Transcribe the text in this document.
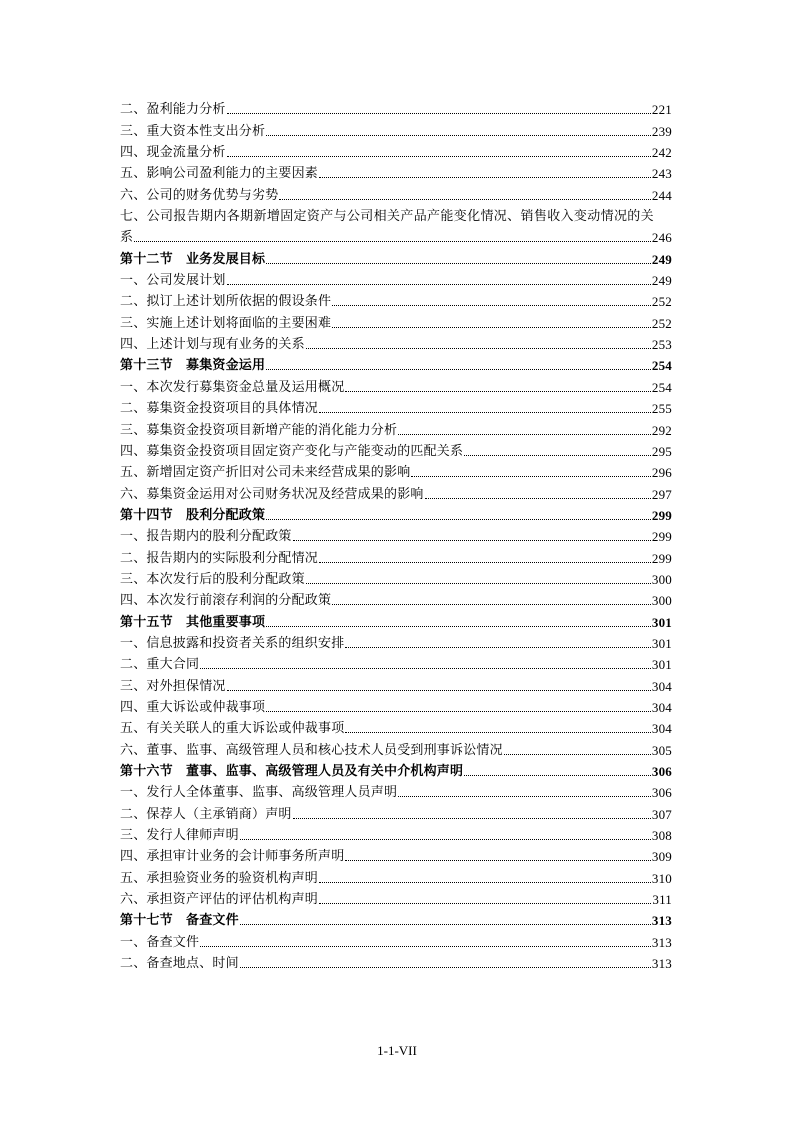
二、盈利能力分析	221
三、重大资本性支出分析	239
四、现金流量分析	242
五、影响公司盈利能力的主要因素	243
六、公司的财务优势与劣势	244
七、公司报告期内各期新增固定资产与公司相关产品产能变化情况、销售收入变动情况的关
系	246
第十二节　业务发展目标	249
一、公司发展计划	249
二、拟订上述计划所依据的假设条件	252
三、实施上述计划将面临的主要困难	252
四、上述计划与现有业务的关系	253
第十三节　募集资金运用	254
一、本次发行募集资金总量及运用概况	254
二、募集资金投资项目的具体情况	255
三、募集资金投资项目新增产能的消化能力分析	292
四、募集资金投资项目固定资产变化与产能变动的匹配关系	295
五、新增固定资产折旧对公司未来经营成果的影响	296
六、募集资金运用对公司财务状况及经营成果的影响	297
第十四节　股利分配政策	299
一、报告期内的股利分配政策	299
二、报告期内的实际股利分配情况	299
三、本次发行后的股利分配政策	300
四、本次发行前滚存利润的分配政策	300
第十五节　其他重要事项	301
一、信息披露和投资者关系的组织安排	301
二、重大合同	301
三、对外担保情况	304
四、重大诉讼或仲裁事项	304
五、有关关联人的重大诉讼或仲裁事项	304
六、董事、监事、高级管理人员和核心技术人员受到刑事诉讼情况	305
第十六节　董事、监事、高级管理人员及有关中介机构声明	306
一、发行人全体董事、监事、高级管理人员声明	306
二、保荐人（主承销商）声明	307
三、发行人律师声明	308
四、承担审计业务的会计师事务所声明	309
五、承担验资业务的验资机构声明	310
六、承担资产评估的评估机构声明	311
第十七节　备查文件	313
一、备查文件	313
二、备查地点、时间	313
1-1-VII
